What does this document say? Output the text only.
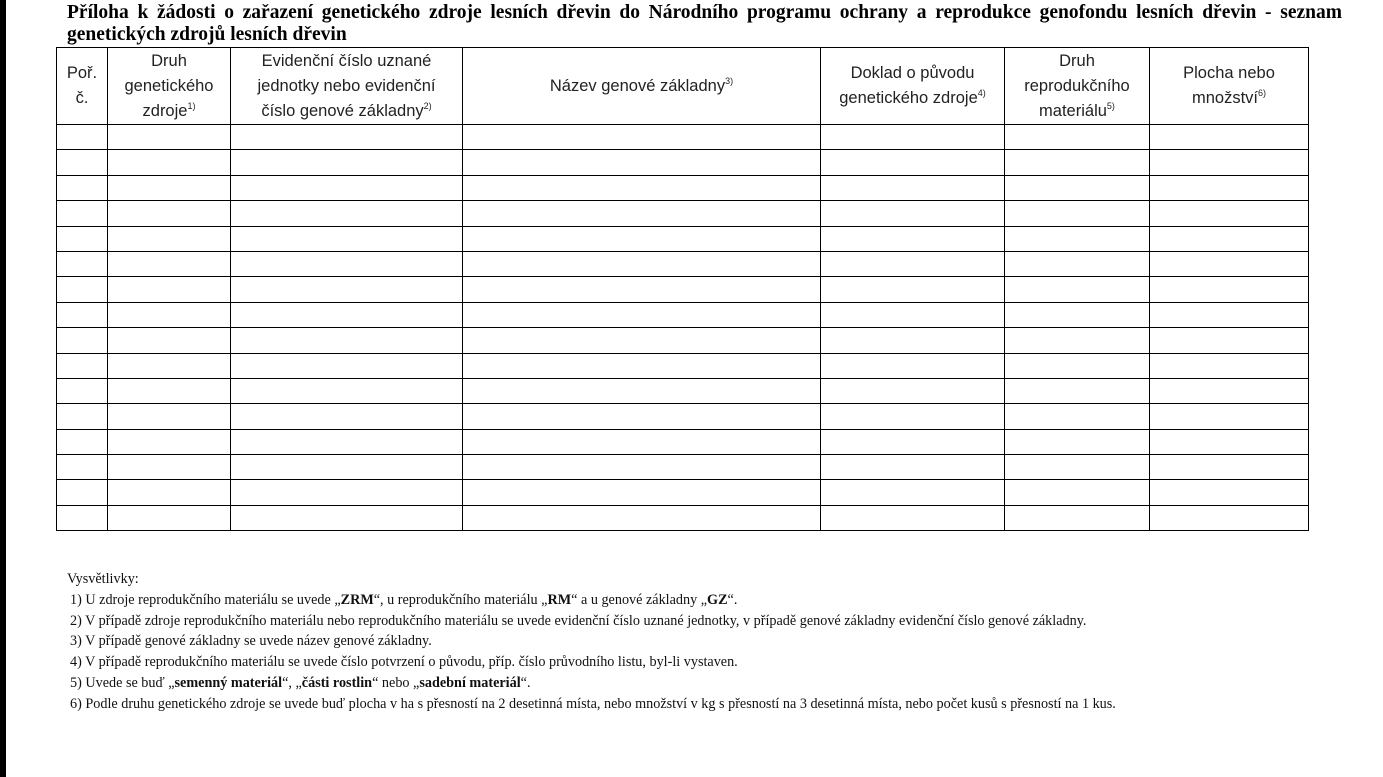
Příloha k žádosti o zařazení genetického zdroje lesních dřevin do Národního programu ochrany a reprodukce genofondu lesních dřevin - seznam genetických zdrojů lesních dřevin
Poř. č.	Druh genetického zdroje$^{1)}$	Evidenční číslo uznané jednotky nebo evidenční číslo genové základny$^{2)}$	Název genové základny$^{3)}$	Doklad o původu genetického zdroje$^{4)}$	Druh reprodukčního materiálu$^{5)}$	Plocha nebo množství$^{6)}$

Vysvětlivky:
1) U zdroje reprodukčního materiálu se uvede „ZRM“, u reprodukčního materiálu „RM“ a u genové základny „GZ“.
2) V případě zdroje reprodukčního materiálu nebo reprodukčního materiálu se uvede evidenční číslo uznané jednotky, v případě genové základny evidenční číslo genové základny.
3) V případě genové základny se uvede název genové základny.
4) V případě reprodukčního materiálu se uvede číslo potvrzení o původu, příp. číslo průvodního listu, byl-li vystaven.
5) Uvede se buď „semenný materiál“, „části rostlin“ nebo „sadební materiál“.
6) Podle druhu genetického zdroje se uvede buď plocha v ha s přesností na 2 desetinná místa, nebo množství v kg s přesností na 3 desetinná místa, nebo počet kusů s přesností na 1 kus.
